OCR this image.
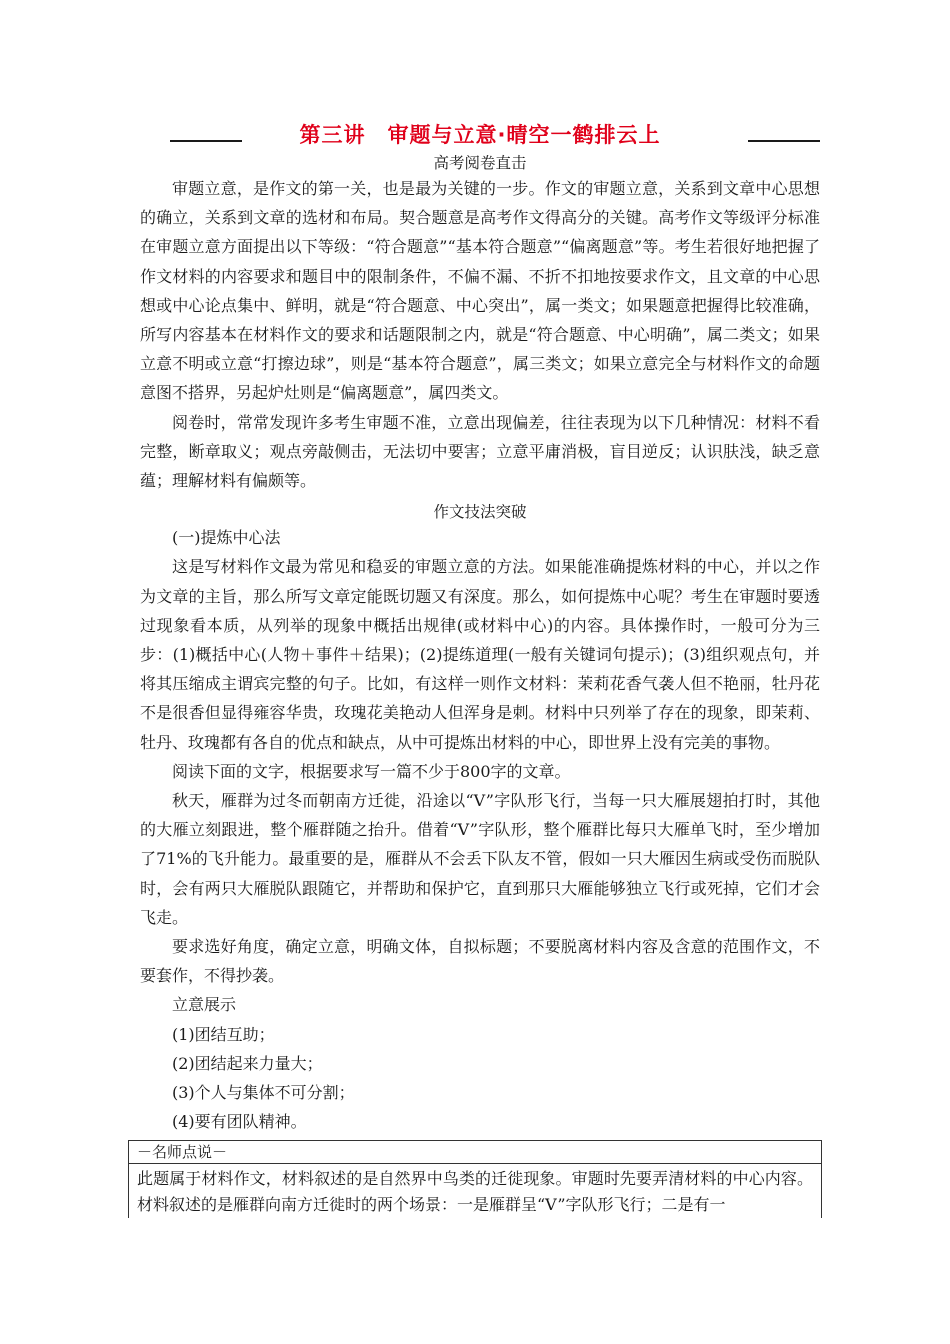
第三讲　审题与立意·晴空一鹤排云上
高考阅卷直击

审题立意，是作文的第一关，也是最为关键的一步。作文的审题立意，关系到文章中心思想的确立，关系到文章的选材和布局。契合题意是高考作文得高分的关键。高考作文等级评分标准在审题立意方面提出以下等级：“符合题意”“基本符合题意”“偏离题意”等。考生若很好地把握了作文材料的内容要求和题目中的限制条件，不偏不漏、不折不扣地按要求作文，且文章的中心思想或中心论点集中、鲜明，就是“符合题意、中心突出”，属一类文；如果题意把握得比较准确，所写内容基本在材料作文的要求和话题限制之内，就是“符合题意、中心明确”，属二类文；如果立意不明或立意“打擦边球”，则是“基本符合题意”，属三类文；如果立意完全与材料作文的命题意图不搭界，另起炉灶则是“偏离题意”，属四类文。

阅卷时，常常发现许多考生审题不准，立意出现偏差，往往表现为以下几种情况：材料不看完整，断章取义；观点旁敲侧击，无法切中要害；立意平庸消极，盲目逆反；认识肤浅，缺乏意蕴；理解材料有偏颇等。

作文技法突破

(一)提炼中心法

这是写材料作文最为常见和稳妥的审题立意的方法。如果能准确提炼材料的中心，并以之作为文章的主旨，那么所写文章定能既切题又有深度。那么，如何提炼中心呢？考生在审题时要透过现象看本质，从列举的现象中概括出规律(或材料中心)的内容。具体操作时，一般可分为三步：(1)概括中心(人物＋事件＋结果)；(2)提练道理(一般有关键词句提示)；(3)组织观点句，并将其压缩成主谓宾完整的句子。比如，有这样一则作文材料：茉莉花香气袭人但不艳丽，牡丹花不是很香但显得雍容华贵，玫瑰花美艳动人但浑身是刺。材料中只列举了存在的现象，即茉莉、牡丹、玫瑰都有各自的优点和缺点，从中可提炼出材料的中心，即世界上没有完美的事物。

阅读下面的文字，根据要求写一篇不少于800字的文章。

秋天，雁群为过冬而朝南方迁徙，沿途以“V”字队形飞行，当每一只大雁展翅拍打时，其他的大雁立刻跟进，整个雁群随之抬升。借着“V”字队形，整个雁群比每只大雁单飞时，至少增加了71%的飞升能力。最重要的是，雁群从不会丢下队友不管，假如一只大雁因生病或受伤而脱队时，会有两只大雁脱队跟随它，并帮助和保护它，直到那只大雁能够独立飞行或死掉，它们才会飞走。

要求选好角度，确定立意，明确文体，自拟标题；不要脱离材料内容及含意的范围作文，不要套作，不得抄袭。

立意展示

(1)团结互助；

(2)团结起来力量大；

(3)个人与集体不可分割；

(4)要有团队精神。

－名师点说－

此题属于材料作文，材料叙述的是自然界中鸟类的迁徙现象。审题时先要弄清材料的中心内容。材料叙述的是雁群向南方迁徙时的两个场景：一是雁群呈“V”字队形飞行；二是有一
